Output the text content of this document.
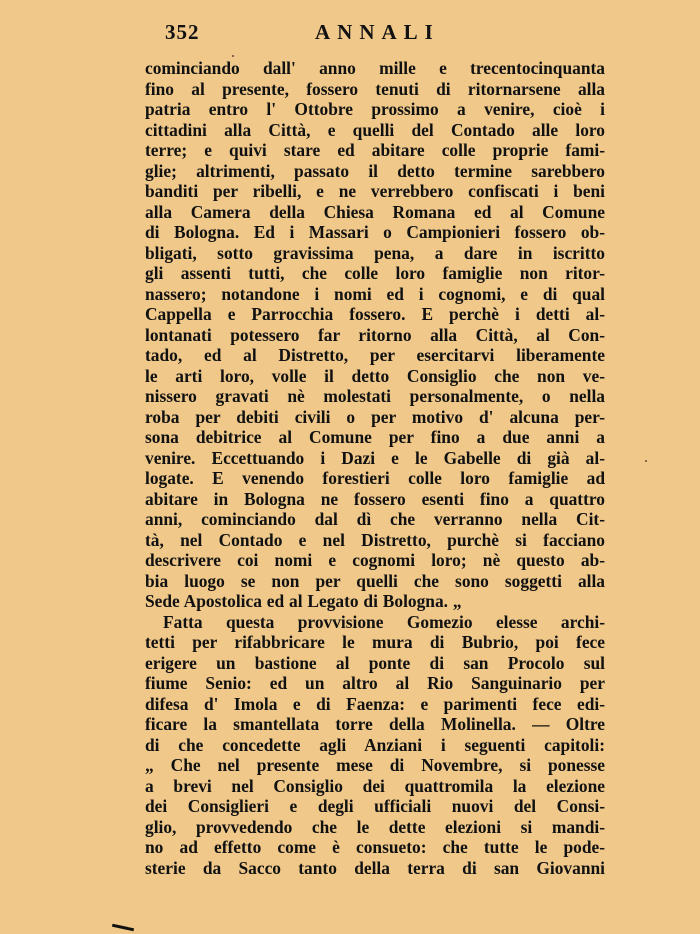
352	ANNALI
cominciando dall' anno mille e trecentocinquanta
fino al presente, fossero tenuti di ritornarsene alla
patria entro l' Ottobre prossimo a venire, cioè i
cittadini alla Città, e quelli del Contado alle loro
terre; e quivi stare ed abitare colle proprie fami-
glie; altrimenti, passato il detto termine sarebbero
banditi per ribelli, e ne verrebbero confiscati i beni
alla Camera della Chiesa Romana ed al Comune
di Bologna. Ed i Massari o Campionieri fossero ob-
bligati, sotto gravissima pena, a dare in iscritto
gli assenti tutti, che colle loro famiglie non ritor-
nassero; notandone i nomi ed i cognomi, e di qual
Cappella e Parrocchia fossero. E perchè i detti al-
lontanati potessero far ritorno alla Città, al Con-
tado, ed al Distretto, per esercitarvi liberamente
le arti loro, volle il detto Consiglio che non ve-
nissero gravati nè molestati personalmente, o nella
roba per debiti civili o per motivo d' alcuna per-
sona debitrice al Comune per fino a due anni a
venire. Eccettuando i Dazi e le Gabelle di già al-
logate. E venendo forestieri colle loro famiglie ad
abitare in Bologna ne fossero esenti fino a quattro
anni, cominciando dal dì che verranno nella Cit-
tà, nel Contado e nel Distretto, purchè si facciano
descrivere coi nomi e cognomi loro; nè questo ab-
bia luogo se non per quelli che sono soggetti alla
Sede Apostolica ed al Legato di Bologna. „
Fatta questa provvisione Gomezio elesse archi-
tetti per rifabbricare le mura di Bubrio, poi fece
erigere un bastione al ponte di san Procolo sul
fiume Senio: ed un altro al Rio Sanguinario per
difesa d' Imola e di Faenza: e parimenti fece edi-
ficare la smantellata torre della Molinella. — Oltre
di che concedette agli Anziani i seguenti capitoli:
„ Che nel presente mese di Novembre, si ponesse
a brevi nel Consiglio dei quattromila la elezione
dei Consiglieri e degli ufficiali nuovi del Consi-
glio, provvedendo che le dette elezioni si mandi-
no ad effetto come è consueto: che tutte le pode-
sterie da Sacco tanto della terra di san Giovanni
